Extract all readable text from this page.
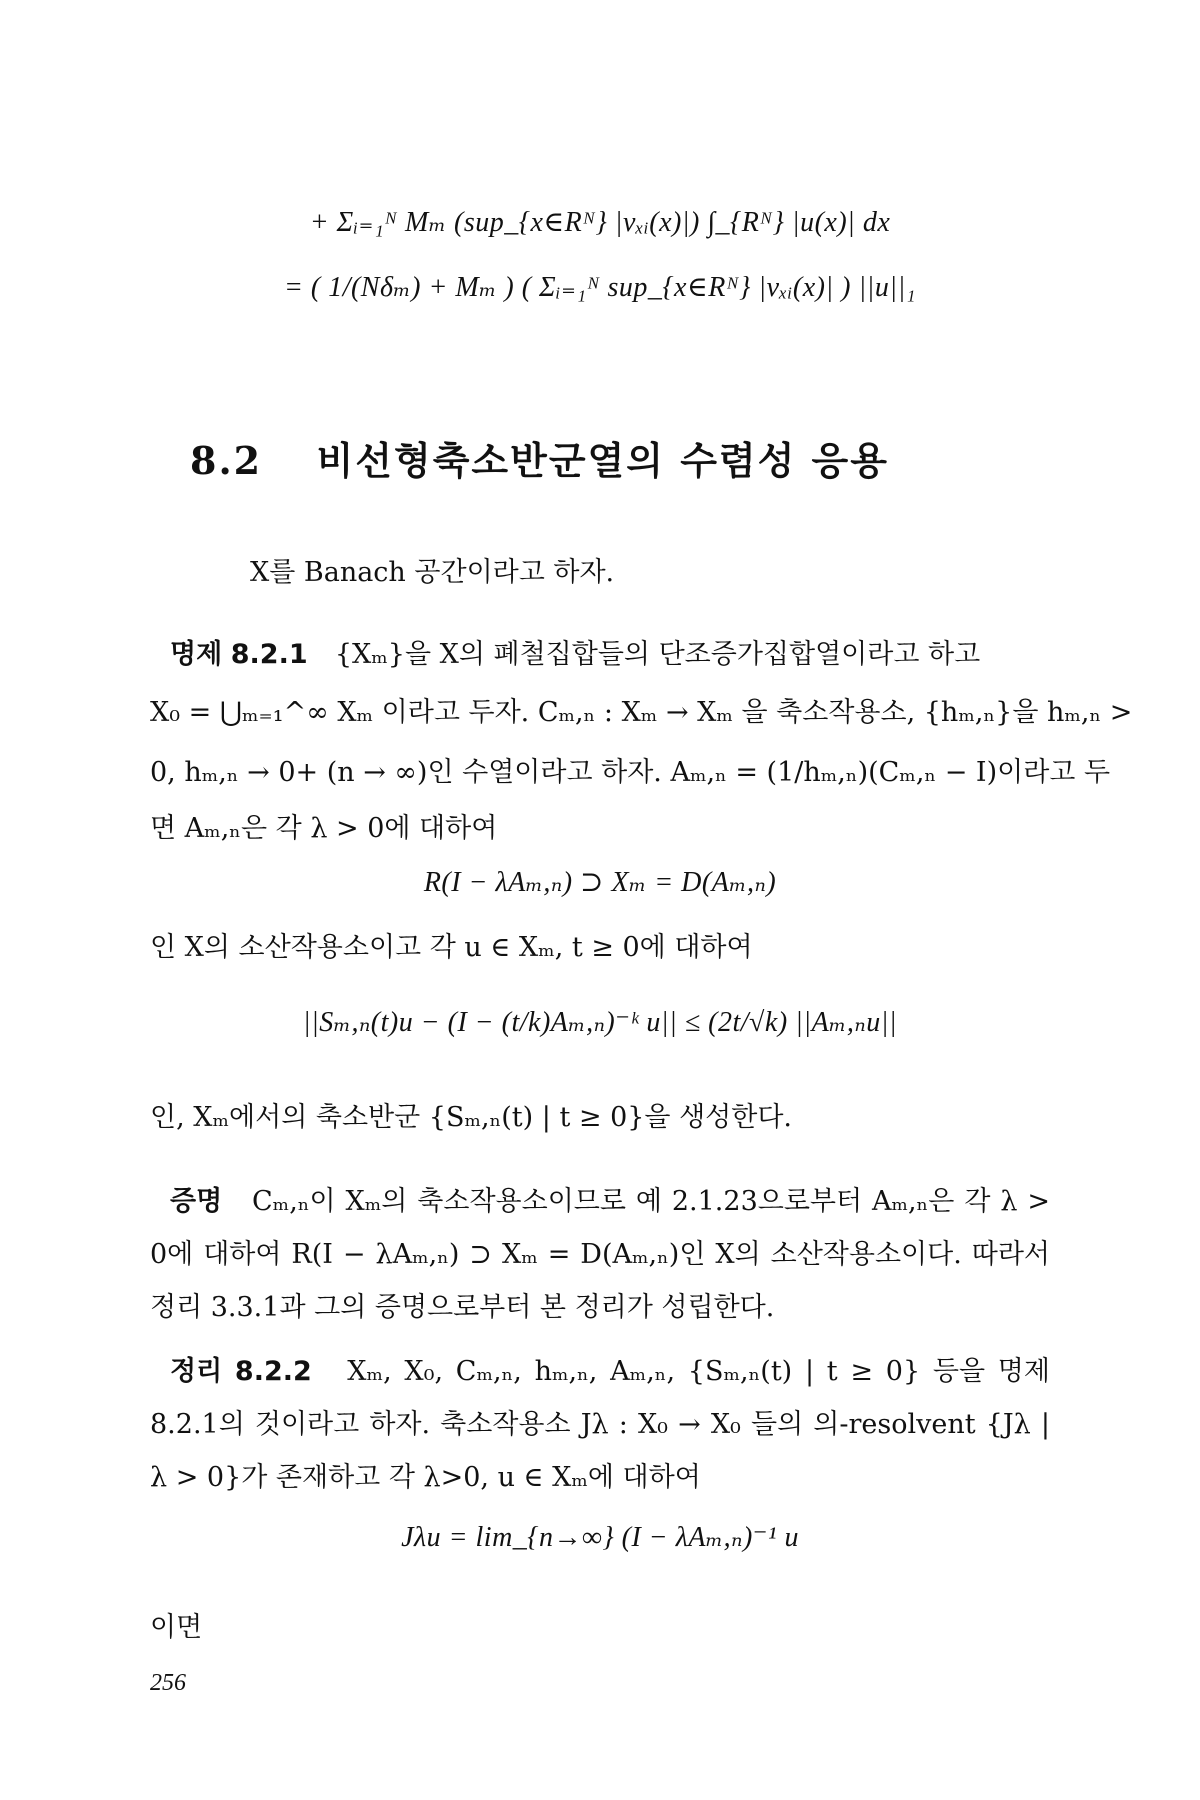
+ Σᵢ₌₁ᴺ Mₘ (sup_{x∈Rᴺ} |vₓᵢ(x)|) ∫_{Rᴺ} |u(x)| dx
= ( 1/(Nδₘ) + Mₘ ) ( Σᵢ₌₁ᴺ sup_{x∈Rᴺ} |vₓᵢ(x)| ) ||u||₁
8.2 비선형축소반군열의 수렴성 응용
X를 Banach 공간이라고 하자.
명제 8.2.1 {Xₘ}을 X의 폐철집합들의 단조증가집합열이라고 하고
X₀ = ⋃ₘ₌₁^∞ Xₘ 이라고 두자. Cₘ,ₙ : Xₘ → Xₘ 을 축소작용소, {hₘ,ₙ}을 hₘ,ₙ >
0, hₘ,ₙ → 0+ (n → ∞)인 수열이라고 하자. Aₘ,ₙ = (1/hₘ,ₙ)(Cₘ,ₙ − I)이라고 두
면 Aₘ,ₙ은 각 λ > 0에 대하여
R(I − λAₘ,ₙ) ⊃ Xₘ = D(Aₘ,ₙ)
인 X의 소산작용소이고 각 u ∈ Xₘ, t ≥ 0에 대하여
||Sₘ,ₙ(t)u − (I − (t/k)Aₘ,ₙ)⁻ᵏ u|| ≤ (2t/√k) ||Aₘ,ₙu||
인, Xₘ에서의 축소반군 {Sₘ,ₙ(t) | t ≥ 0}을 생성한다.
증명 Cₘ,ₙ이 Xₘ의 축소작용소이므로 예 2.1.23으로부터 Aₘ,ₙ은 각 λ > 0에 대하여 R(I − λAₘ,ₙ) ⊃ Xₘ = D(Aₘ,ₙ)인 X의 소산작용소이다. 따라서 정리 3.3.1과 그의 증명으로부터 본 정리가 성립한다.
정리 8.2.2 Xₘ, X₀, Cₘ,ₙ, hₘ,ₙ, Aₘ,ₙ, {Sₘ,ₙ(t) | t ≥ 0} 등을 명제 8.2.1의 것이라고 하자. 축소작용소 Jλ : X₀ → X₀ 들의 의-resolvent {Jλ | λ > 0}가 존재하고 각 λ>0, u ∈ Xₘ에 대하여
Jλu = lim_{n→∞} (I − λAₘ,ₙ)⁻¹ u
이면
256
